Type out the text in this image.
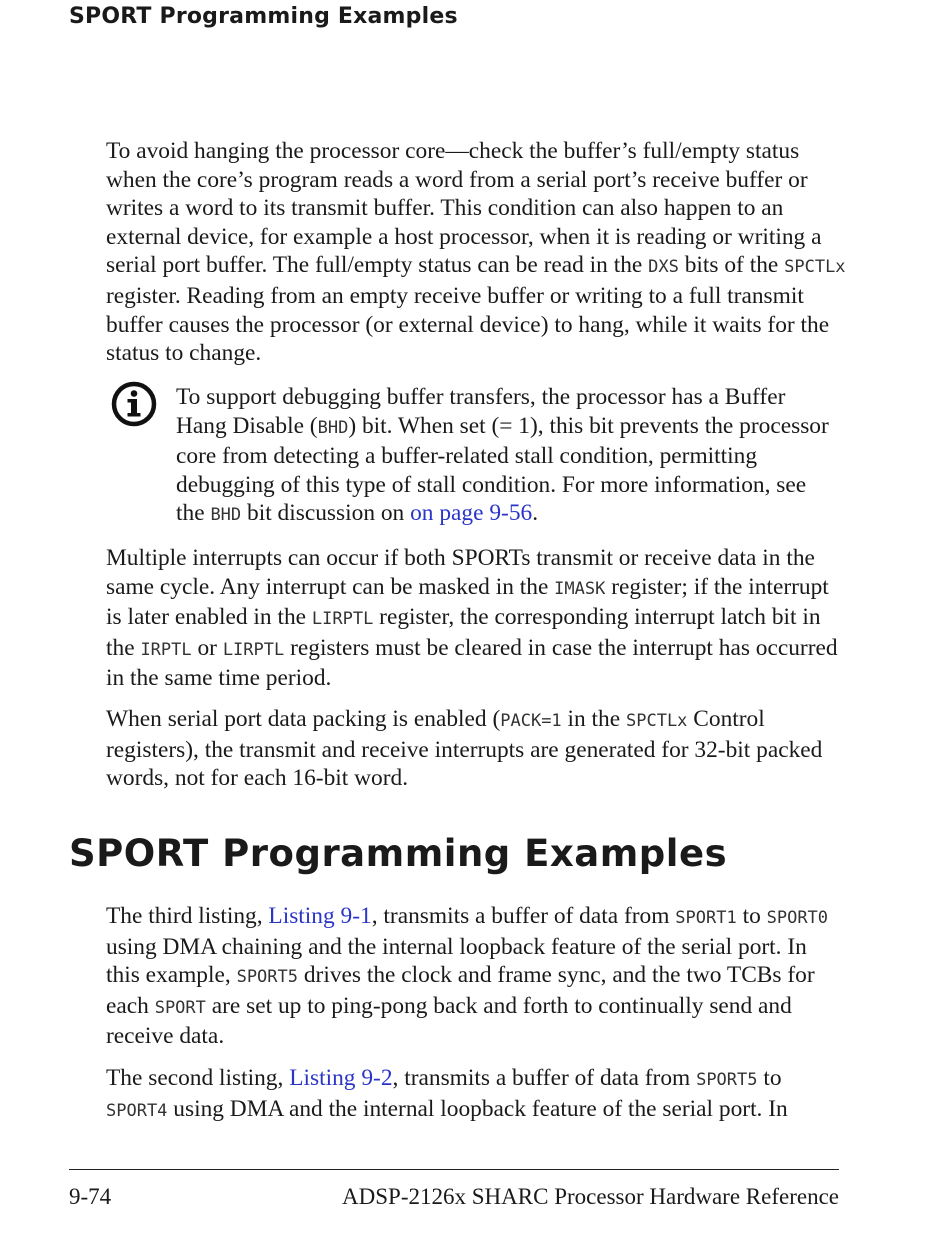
SPORT Programming Examples

To avoid hanging the processor core—check the buffer’s full/empty status when the core’s program reads a word from a serial port’s receive buffer or writes a word to its transmit buffer. This condition can also happen to an external device, for example a host processor, when it is reading or writing a serial port buffer. The full/empty status can be read in the DXS bits of the SPCTLx register. Reading from an empty receive buffer or writing to a full transmit buffer causes the processor (or external device) to hang, while it waits for the status to change.

To support debugging buffer transfers, the processor has a Buffer Hang Disable (BHD) bit. When set (= 1), this bit prevents the processor core from detecting a buffer-related stall condition, permitting debugging of this type of stall condition. For more information, see the BHD bit discussion on on page 9-56.

Multiple interrupts can occur if both SPORTs transmit or receive data in the same cycle. Any interrupt can be masked in the IMASK register; if the interrupt is later enabled in the LIRPTL register, the corresponding interrupt latch bit in the IRPTL or LIRPTL registers must be cleared in case the interrupt has occurred in the same time period.

When serial port data packing is enabled (PACK=1 in the SPCTLx Control registers), the transmit and receive interrupts are generated for 32-bit packed words, not for each 16-bit word.

SPORT Programming Examples

The third listing, Listing 9-1, transmits a buffer of data from SPORT1 to SPORT0 using DMA chaining and the internal loopback feature of the serial port. In this example, SPORT5 drives the clock and frame sync, and the two TCBs for each SPORT are set up to ping-pong back and forth to continually send and receive data.

The second listing, Listing 9-2, transmits a buffer of data from SPORT5 to SPORT4 using DMA and the internal loopback feature of the serial port. In

9-74	ADSP-2126x SHARC Processor Hardware Reference
